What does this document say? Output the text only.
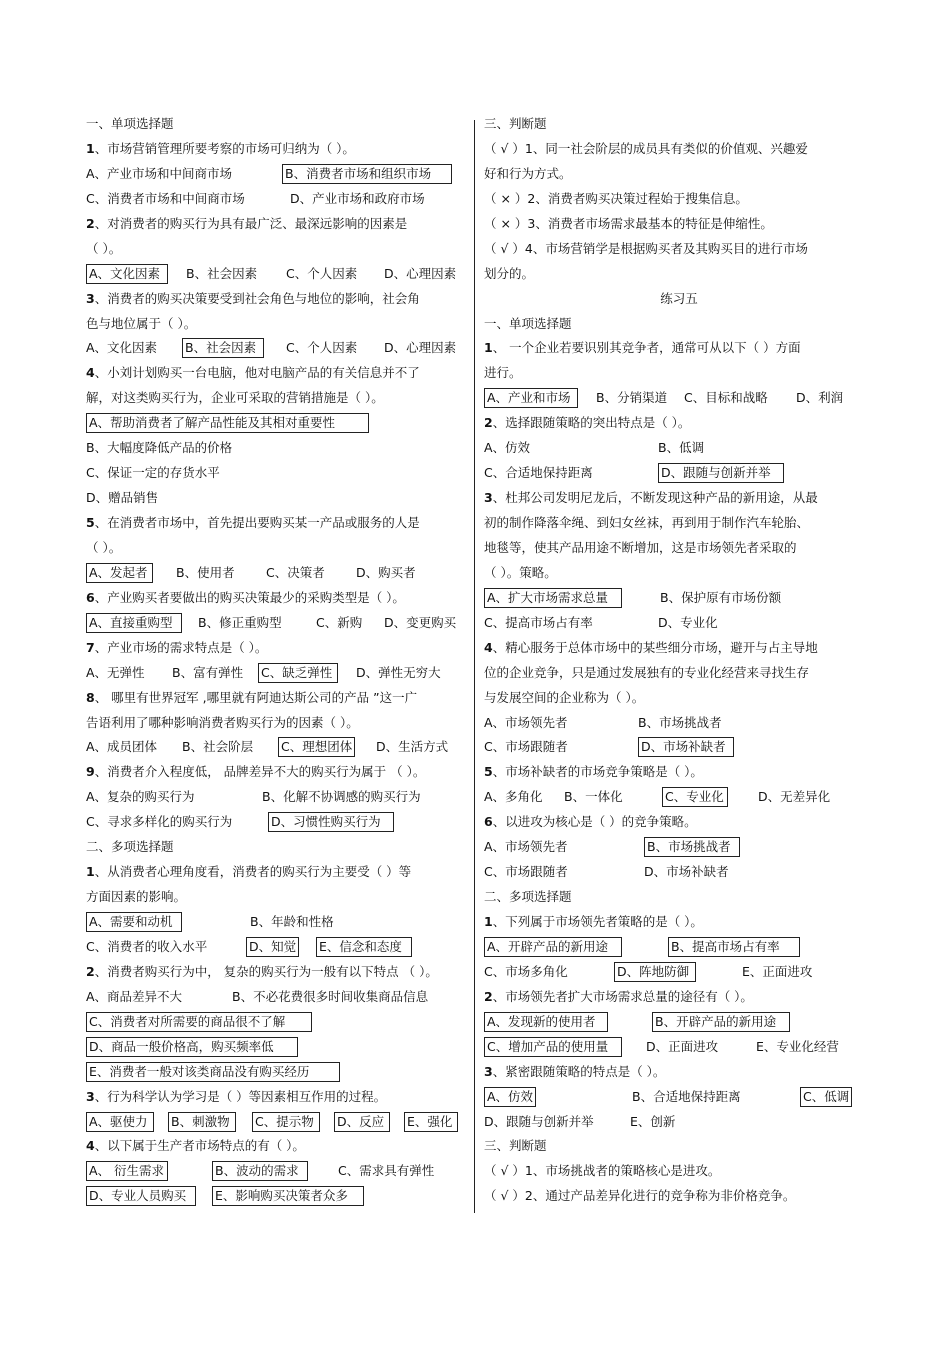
一、单项选择题
1、市场营销管理所要考察的市场可归纳为（ ）。
A、产业市场和中间商市场	B、消费者市场和组织市场
C、消费者市场和中间商市场	D、产业市场和政府市场
2、对消费者的购买行为具有最广泛、最深远影响的因素是
（ ）。
A、文化因素	B、社会因素 C、个人因素 D、心理因素
3、消费者的购买决策要受到社会角色与地位的影响，社会角
色与地位属于（ ）。
A、文化因素 B、社会因素	C、个人因素 D、心理因素
4、小刘计划购买一台电脑，他对电脑产品的有关信息并不了
解，对这类购买行为，企业可采取的营销措施是（ ）。
A、帮助消费者了解产品性能及其相对重要性
B、大幅度降低产品的价格
C、保证一定的存货水平
D、赠品销售
5、在消费者市场中，首先提出要购买某一产品或服务的人是
（ ）。
A、发起者	B、使用者	C、决策者	D、购买者
6、产业购买者要做出的购买决策最少的采购类型是（ ）。
A、直接重购型	B、修正重购型	C、新购 D、变更购买
7、产业市场的需求特点是（ ）。
A、无弹性 B、富有弹性 C、缺乏弹性	D、弹性无穷大
8、 哪里有世界冠军 ,哪里就有阿迪达斯公司的产品 ”这一广
告语利用了哪种影响消费者购买行为的因素（ ）。
A、成员团体 B、社会阶层 C、理想团体 D、生活方式
9、消费者介入程度低， 品牌差异不大的购买行为属于 （ ）。
A、复杂的购买行为	B、化解不协调感的购买行为
C、寻求多样化的购买行为	D、习惯性购买行为
二、多项选择题
1、从消费者心理角度看，消费者的购买行为主要受（ ）等
方面因素的影响。
A、需要和动机	B、年龄和性格
C、消费者的收入水平	D、知觉 E、信念和态度
2、消费者购买行为中， 复杂的购买行为一般有以下特点 （ ）。
A、商品差异不大	B、不必花费很多时间收集商品信息
C、消费者对所需要的商品很不了解
D、商品一般价格高，购买频率低
E、消费者一般对该类商品没有购买经历
3、行为科学认为学习是（ ）等因素相互作用的过程。
A、驱使力	B、刺激物	C、提示物	D、反应	E、强化
4、以下属于生产者市场特点的有（ ）。
A、 衍生需求	B、波动的需求	C、需求具有弹性
D、专业人员购买	E、影响购买决策者众多
三、判断题
（ √ ）1、同一社会阶层的成员具有类似的价值观、兴趣爱
好和行为方式。
（ × ）2、消费者购买决策过程始于搜集信息。
（ × ）3、消费者市场需求最基本的特征是伸缩性。
（ √ ）4、市场营销学是根据购买者及其购买目的进行市场
划分的。
练习五
一、单项选择题
1、 一个企业若要识别其竞争者，通常可从以下（ ）方面
进行。
A、产业和市场	B、分销渠道 C、目标和战略 D、利润
2、选择跟随策略的突出特点是（ ）。
A、仿效	B、低调
C、合适地保持距离	D、跟随与创新并举
3、杜邦公司发明尼龙后，不断发现这种产品的新用途，从最
初的制作降落伞绳、到妇女丝袜，再到用于制作汽车轮胎、
地毯等，使其产品用途不断增加，这是市场领先者采取的
（ ）。策略。
A、扩大市场需求总量	B、保护原有市场份额
C、提高市场占有率	D、专业化
4、精心服务于总体市场中的某些细分市场，避开与占主导地
位的企业竞争，只是通过发展独有的专业化经营来寻找生存
与发展空间的企业称为（ ）。
A、市场领先者	B、市场挑战者
C、市场跟随者	D、市场补缺者
5、市场补缺者的市场竞争策略是（ ）。
A、多角化 B、一体化	C、专业化	D、无差异化
6、以进攻为核心是（ ）的竞争策略。
A、市场领先者	B、市场挑战者
C、市场跟随者	D、市场补缺者
二、多项选择题
1、下列属于市场领先者策略的是（ ）。
A、开辟产品的新用途	B、提高市场占有率
C、市场多角化	D、阵地防御	E、正面进攻
2、市场领先者扩大市场需求总量的途径有（ ）。
A、发现新的使用者	B、开辟产品的新用途
C、增加产品的使用量	D、正面进攻	E、专业化经营
3、紧密跟随策略的特点是（ ）。
A、仿效	B、合适地保持距离	C、低调
D、跟随与创新并举	E、创新
三、判断题
（ √ ）1、市场挑战者的策略核心是进攻。
（ √ ）2、通过产品差异化进行的竞争称为非价格竞争。
